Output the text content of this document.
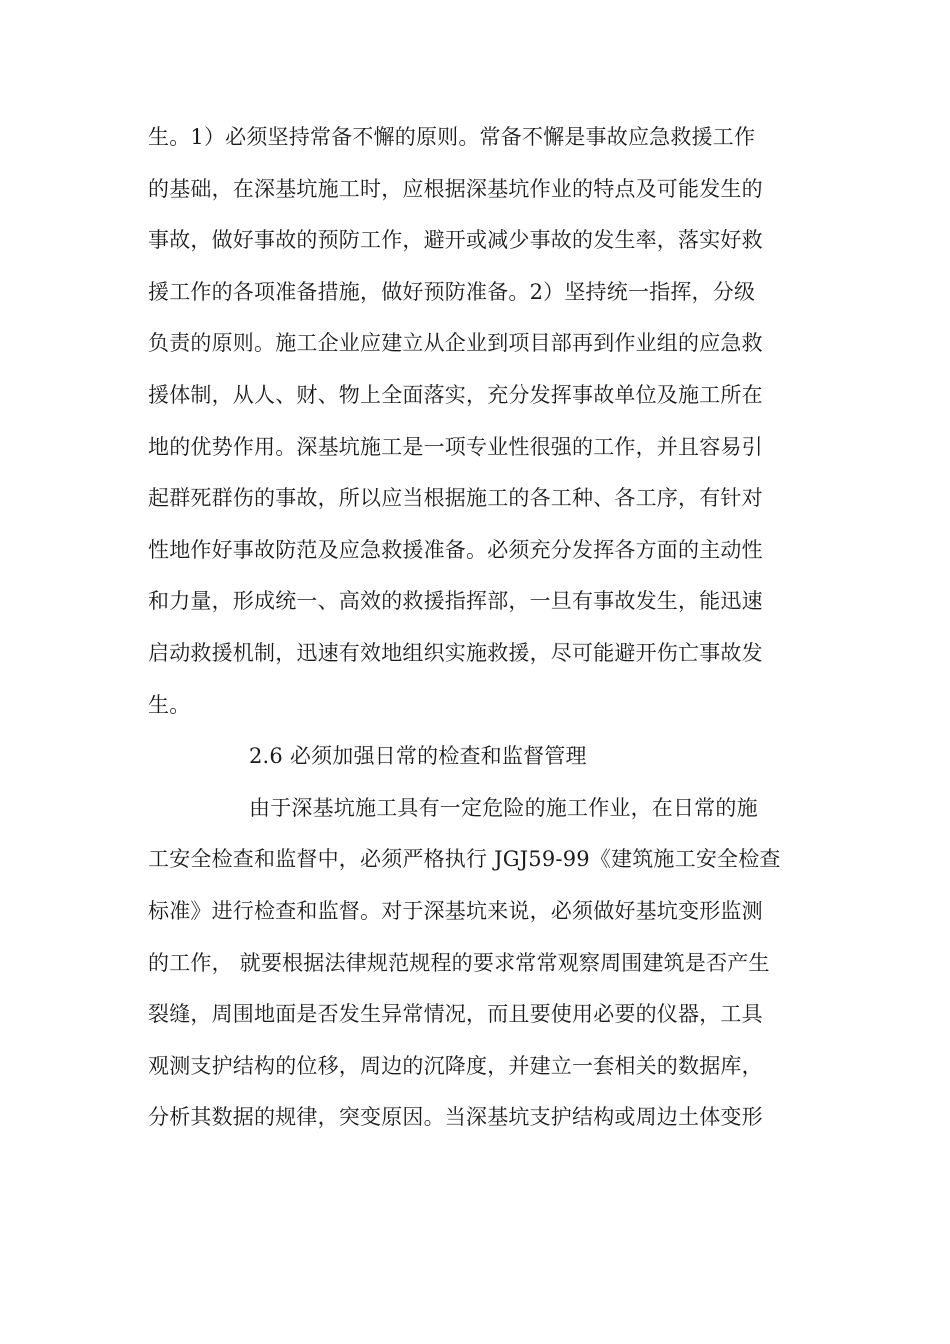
生。1）必须坚持常备不懈的原则。常备不懈是事故应急救援工作
的基础，在深基坑施工时，应根据深基坑作业的特点及可能发生的
事故，做好事故的预防工作，避开或减少事故的发生率，落实好救
援工作的各项准备措施，做好预防准备。2）坚持统一指挥，分级
负责的原则。施工企业应建立从企业到项目部再到作业组的应急救
援体制，从人、财、物上全面落实，充分发挥事故单位及施工所在
地的优势作用。深基坑施工是一项专业性很强的工作，并且容易引
起群死群伤的事故，所以应当根据施工的各工种、各工序，有针对
性地作好事故防范及应急救援准备。必须充分发挥各方面的主动性
和力量，形成统一、高效的救援指挥部，一旦有事故发生，能迅速
启动救援机制，迅速有效地组织实施救援，尽可能避开伤亡事故发
生。
2.6 必须加强日常的检查和监督管理
由于深基坑施工具有一定危险的施工作业，在日常的施
工安全检查和监督中，必须严格执行 JGJ59-99《建筑施工安全检查
标准》进行检查和监督。对于深基坑来说，必须做好基坑变形监测
的工作， 就要根据法律规范规程的要求常常观察周围建筑是否产生
裂缝，周围地面是否发生异常情况，而且要使用必要的仪器，工具
观测支护结构的位移，周边的沉降度，并建立一套相关的数据库，
分析其数据的规律，突变原因。当深基坑支护结构或周边土体变形
